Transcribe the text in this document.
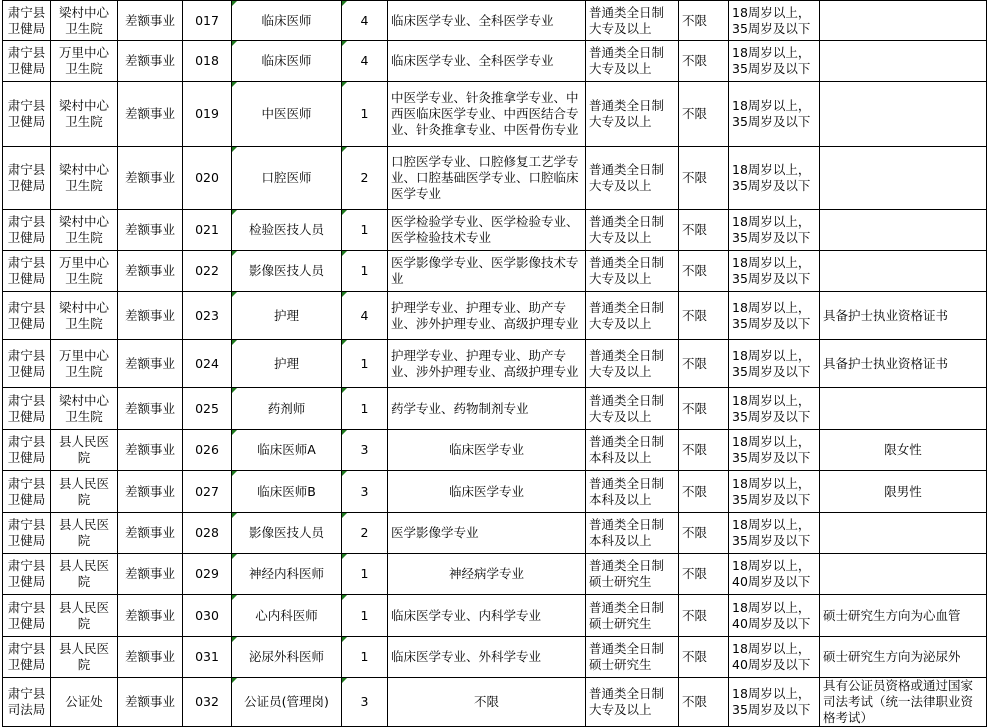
肃宁县卫健局	梁村中心卫生院	差额事业	017	临床医师	4	临床医学专业、全科医学专业	普通类全日制大专及以上	不限	18周岁以上，35周岁及以下	
肃宁县卫健局	万里中心卫生院	差额事业	018	临床医师	4	临床医学专业、全科医学专业	普通类全日制大专及以上	不限	18周岁以上，35周岁及以下	
肃宁县卫健局	梁村中心卫生院	差额事业	019	中医医师	1	中医学专业、针灸推拿学专业、中西医临床医学专业、中西医结合专业、针灸推拿专业、中医骨伤专业	普通类全日制大专及以上	不限	18周岁以上，35周岁及以下	
肃宁县卫健局	梁村中心卫生院	差额事业	020	口腔医师	2	口腔医学专业、口腔修复工艺学专业、口腔基础医学专业、口腔临床医学专业	普通类全日制大专及以上	不限	18周岁以上，35周岁及以下	
肃宁县卫健局	梁村中心卫生院	差额事业	021	检验医技人员	1	医学检验学专业、医学检验专业、医学检验技术专业	普通类全日制大专及以上	不限	18周岁以上，35周岁及以下	
肃宁县卫健局	万里中心卫生院	差额事业	022	影像医技人员	1	医学影像学专业、医学影像技术专业	普通类全日制大专及以上	不限	18周岁以上，35周岁及以下	
肃宁县卫健局	梁村中心卫生院	差额事业	023	护理	4	护理学专业、护理专业、助产专业、涉外护理专业、高级护理专业	普通类全日制大专及以上	不限	18周岁以上，35周岁及以下	具备护士执业资格证书
肃宁县卫健局	万里中心卫生院	差额事业	024	护理	1	护理学专业、护理专业、助产专业、涉外护理专业、高级护理专业	普通类全日制大专及以上	不限	18周岁以上，35周岁及以下	具备护士执业资格证书
肃宁县卫健局	梁村中心卫生院	差额事业	025	药剂师	1	药学专业、药物制剂专业	普通类全日制大专及以上	不限	18周岁以上，35周岁及以下	
肃宁县卫健局	县人民医院	差额事业	026	临床医师A	3	临床医学专业	普通类全日制本科及以上	不限	18周岁以上，35周岁及以下	限女性
肃宁县卫健局	县人民医院	差额事业	027	临床医师B	3	临床医学专业	普通类全日制本科及以上	不限	18周岁以上，35周岁及以下	限男性
肃宁县卫健局	县人民医院	差额事业	028	影像医技人员	2	医学影像学专业	普通类全日制本科及以上	不限	18周岁以上，35周岁及以下	
肃宁县卫健局	县人民医院	差额事业	029	神经内科医师	1	神经病学专业	普通类全日制硕士研究生	不限	18周岁以上，40周岁及以下	
肃宁县卫健局	县人民医院	差额事业	030	心内科医师	1	临床医学专业、内科学专业	普通类全日制硕士研究生	不限	18周岁以上，40周岁及以下	硕士研究生方向为心血管
肃宁县卫健局	县人民医院	差额事业	031	泌尿外科医师	1	临床医学专业、外科学专业	普通类全日制硕士研究生	不限	18周岁以上，40周岁及以下	硕士研究生方向为泌尿外
肃宁县司法局	公证处	差额事业	032	公证员(管理岗)	3	不限	普通类全日制大专及以上	不限	18周岁以上，35周岁及以下	具有公证员资格或通过国家司法考试（统一法律职业资格考试）
